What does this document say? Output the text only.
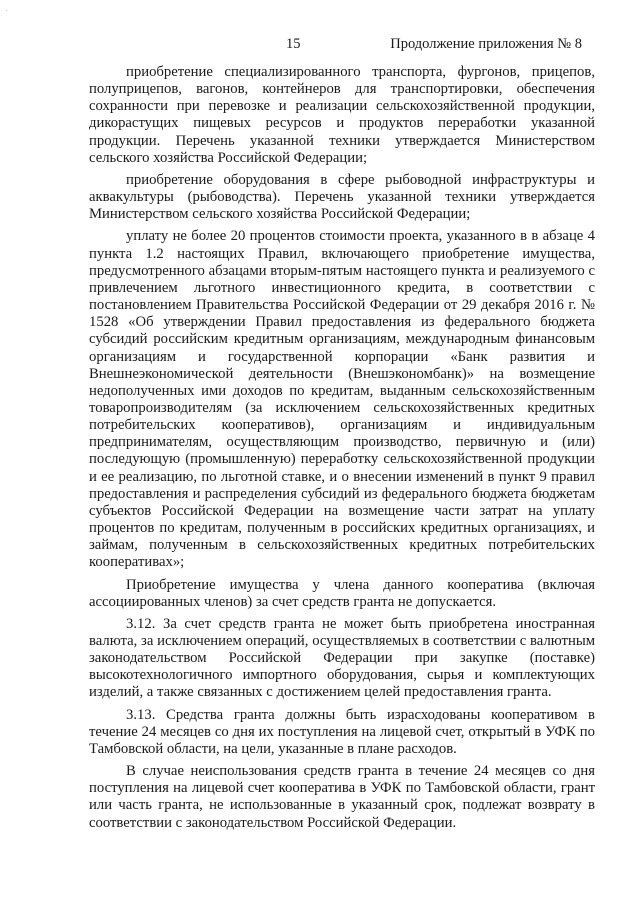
·
15	Продолжение приложения № 8

приобретение специализированного транспорта, фургонов, прицепов, полуприцепов, вагонов, контейнеров для транспортировки, обеспечения сохранности при перевозке и реализации сельскохозяйственной продукции, дикорастущих пищевых ресурсов и продуктов переработки указанной продукции. Перечень указанной техники утверждается Министерством сельского хозяйства Российской Федерации;

приобретение оборудования в сфере рыбоводной инфраструктуры и аквакультуры (рыбоводства). Перечень указанной техники утверждается Министерством сельского хозяйства Российской Федерации;

уплату не более 20 процентов стоимости проекта, указанного в в абзаце 4 пункта 1.2 настоящих Правил, включающего приобретение имущества, предусмотренного абзацами вторым-пятым настоящего пункта и реализуемого с привлечением льготного инвестиционного кредита, в соответствии с постановлением Правительства Российской Федерации от 29 декабря 2016 г. № 1528 «Об утверждении Правил предоставления из федерального бюджета субсидий российским кредитным организациям, международным финансовым организациям и государственной корпорации «Банк развития и Внешнеэкономической деятельности (Внешэкономбанк)» на возмещение недополученных ими доходов по кредитам, выданным сельскохозяйственным товаропроизводителям (за исключением сельскохозяйственных кредитных потребительских кооперативов), организациям и индивидуальным предпринимателям, осуществляющим производство, первичную и (или) последующую (промышленную) переработку сельскохозяйственной продукции и ее реализацию, по льготной ставке, и о внесении изменений в пункт 9 правил предоставления и распределения субсидий из федерального бюджета бюджетам субъектов Российской Федерации на возмещение части затрат на уплату процентов по кредитам, полученным в российских кредитных организациях, и займам, полученным в сельскохозяйственных кредитных потребительских кооперативах»;

Приобретение имущества у члена данного кооператива (включая ассоциированных членов) за счет средств гранта не допускается.

3.12. За счет средств гранта не может быть приобретена иностранная валюта, за исключением операций, осуществляемых в соответствии с валютным законодательством Российской Федерации при закупке (поставке) высокотехнологичного импортного оборудования, сырья и комплектующих изделий, а также связанных с достижением целей предоставления гранта.

3.13. Средства гранта должны быть израсходованы кооперативом в течение 24 месяцев со дня их поступления на лицевой счет, открытый в УФК по Тамбовской области, на цели, указанные в плане расходов.

В случае неиспользования средств гранта в течение 24 месяцев со дня поступления на лицевой счет кооператива в УФК по Тамбовской области, грант или часть гранта, не использованные в указанный срок, подлежат возврату в соответствии с законодательством Российской Федерации.
